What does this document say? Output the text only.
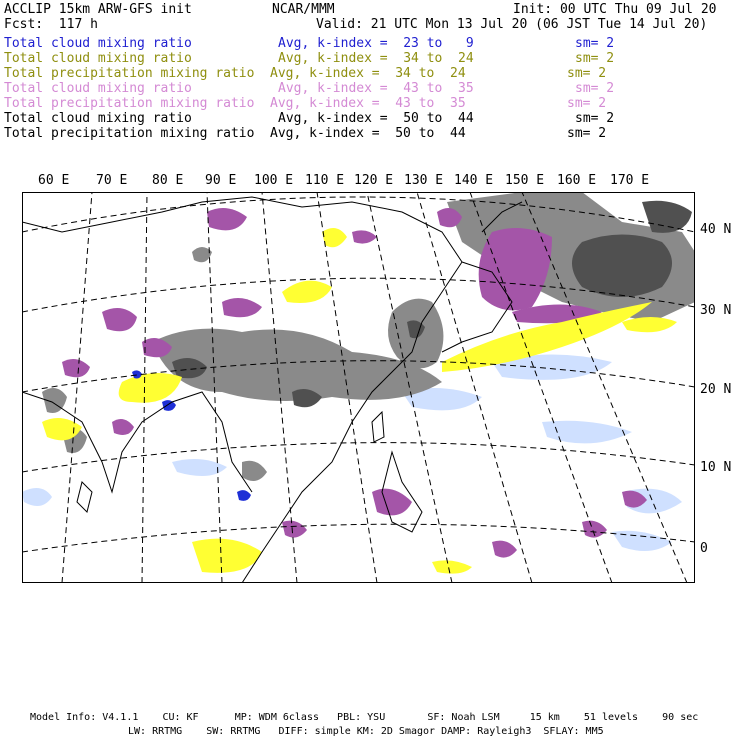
ACCLIP 15km ARW-GFS init	NCAR/MMM	Init: 00 UTC Thu 09 Jul 20
Fcst:  117 h	Valid: 21 UTC Mon 13 Jul 20 (06 JST Tue 14 Jul 20)
Total cloud mixing ratio	Avg, k-index =  23 to   9	sm= 2
Total cloud mixing ratio	Avg, k-index =  34 to  24	sm= 2
Total precipitation mixing ratio Avg, k-index =  34 to  24	sm= 2
Total cloud mixing ratio	Avg, k-index =  43 to  35	sm= 2
Total precipitation mixing ratio Avg, k-index =  43 to  35	sm= 2
Total cloud mixing ratio	Avg, k-index =  50 to  44	sm= 2
Total precipitation mixing ratio Avg, k-index =  50 to  44	sm= 2
60 E 70 E 80 E 90 E 100 E 110 E 120 E 130 E 140 E 150 E 160 E 170 E
40 N
30 N
20 N
10 N
0
Model Info: V4.1.1    CU: KF      MP: WDM 6class   PBL: YSU       SF: Noah LSM     15 km    51 levels    90 sec
LW: RRTMG    SW: RRTMG   DIFF: simple KM: 2D Smagor DAMP: Rayleigh3  SFLAY: MM5
